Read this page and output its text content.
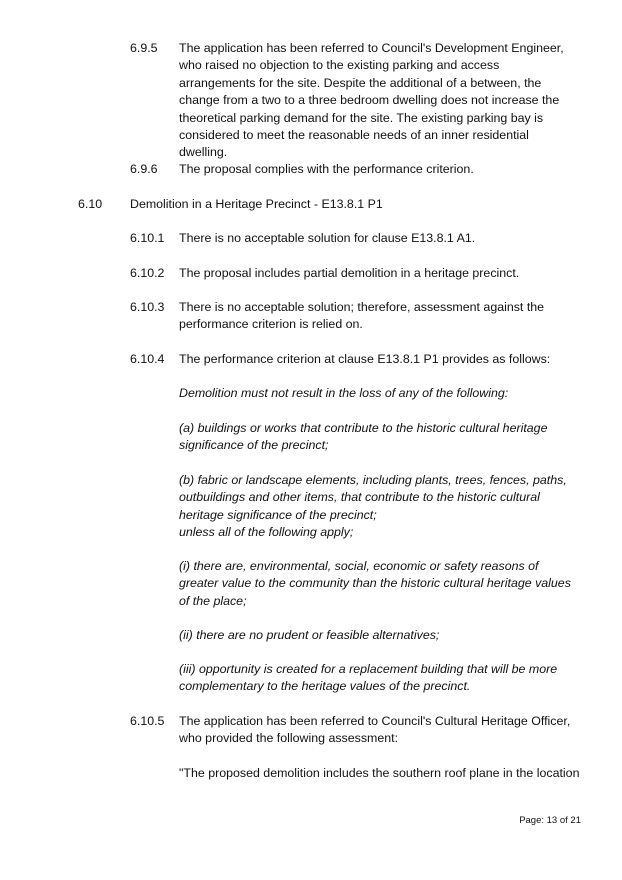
6.9.5 The application has been referred to Council's Development Engineer, who raised no objection to the existing parking and access arrangements for the site. Despite the additional of a between, the change from a two to a three bedroom dwelling does not increase the theoretical parking demand for the site. The existing parking bay is considered to meet the reasonable needs of an inner residential dwelling.
6.9.6 The proposal complies with the performance criterion.
6.10 Demolition in a Heritage Precinct - E13.8.1 P1
6.10.1 There is no acceptable solution for clause E13.8.1 A1.
6.10.2 The proposal includes partial demolition in a heritage precinct.
6.10.3 There is no acceptable solution; therefore, assessment against the performance criterion is relied on.
6.10.4 The performance criterion at clause E13.8.1 P1 provides as follows:
Demolition must not result in the loss of any of the following:
(a) buildings or works that contribute to the historic cultural heritage significance of the precinct;
(b) fabric or landscape elements, including plants, trees, fences, paths, outbuildings and other items, that contribute to the historic cultural heritage significance of the precinct;
unless all of the following apply;
(i) there are, environmental, social, economic or safety reasons of greater value to the community than the historic cultural heritage values of the place;
(ii) there are no prudent or feasible alternatives;
(iii) opportunity is created for a replacement building that will be more complementary to the heritage values of the precinct.
6.10.5 The application has been referred to Council's Cultural Heritage Officer, who provided the following assessment:
"The proposed demolition includes the southern roof plane in the location
Page: 13 of 21
